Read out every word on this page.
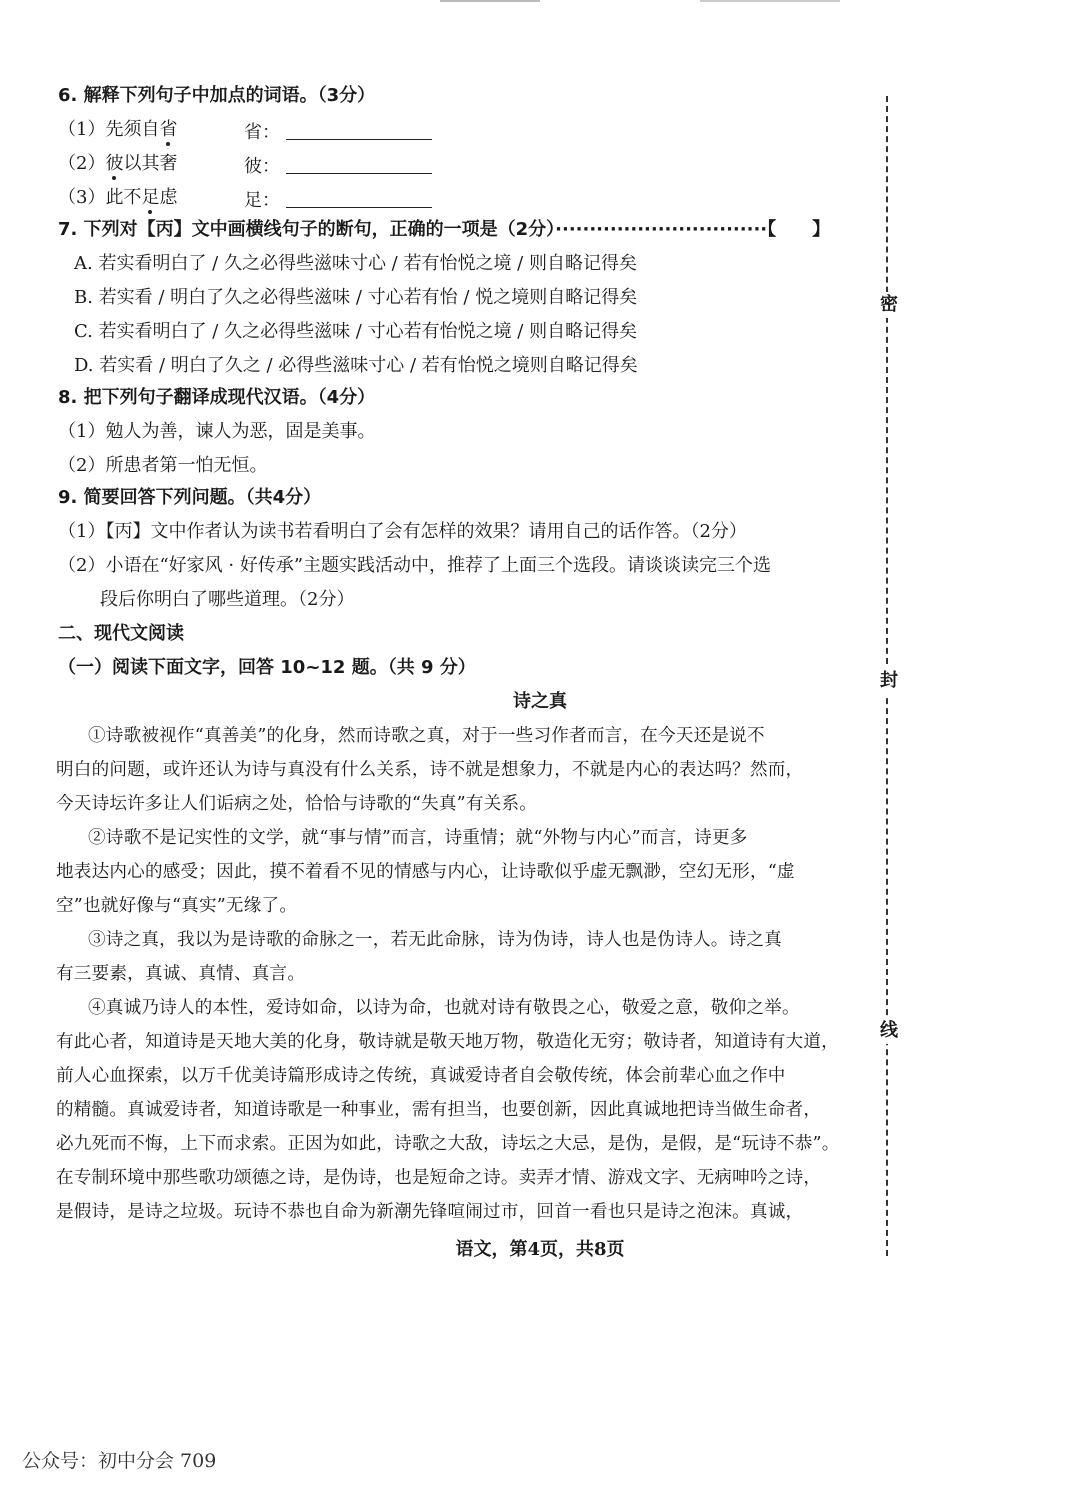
6. 解释下列句子中加点的词语。（3分）
（1）先须自省	省：
（2）彼以其奢	彼：
（3）此不足虑	足：
7. 下列对【丙】文中画横线句子的断句，正确的一项是（2分）·······························【　　】
A. 若实看明白了 / 久之必得些滋味寸心 / 若有怡悦之境 / 则自略记得矣
B. 若实看 / 明白了久之必得些滋味 / 寸心若有怡 / 悦之境则自略记得矣
C. 若实看明白了 / 久之必得些滋味 / 寸心若有怡悦之境 / 则自略记得矣
D. 若实看 / 明白了久之 / 必得些滋味寸心 / 若有怡悦之境则自略记得矣
8. 把下列句子翻译成现代汉语。（4分）
（1）勉人为善，谏人为恶，固是美事。
（2）所患者第一怕无恒。
9. 简要回答下列问题。（共4分）
（1）【丙】文中作者认为读书若看明白了会有怎样的效果？请用自己的话作答。（2分）
（2）小语在“好家风 · 好传承”主题实践活动中，推荐了上面三个选段。请谈谈读完三个选
段后你明白了哪些道理。（2分）
二、现代文阅读
（一）阅读下面文字，回答 10~12 题。（共 9 分）
诗之真
①诗歌被视作“真善美”的化身，然而诗歌之真，对于一些习作者而言，在今天还是说不
明白的问题，或许还认为诗与真没有什么关系，诗不就是想象力，不就是内心的表达吗？然而，
今天诗坛许多让人们诟病之处，恰恰与诗歌的“失真”有关系。
②诗歌不是记实性的文学，就“事与情”而言，诗重情；就“外物与内心”而言，诗更多
地表达内心的感受；因此，摸不着看不见的情感与内心，让诗歌似乎虚无飘渺，空幻无形，“虚
空”也就好像与“真实”无缘了。
③诗之真，我以为是诗歌的命脉之一，若无此命脉，诗为伪诗，诗人也是伪诗人。诗之真
有三要素，真诚、真情、真言。
④真诚乃诗人的本性，爱诗如命，以诗为命，也就对诗有敬畏之心，敬爱之意，敬仰之举。
有此心者，知道诗是天地大美的化身，敬诗就是敬天地万物，敬造化无穷；敬诗者，知道诗有大道，
前人心血探索，以万千优美诗篇形成诗之传统，真诚爱诗者自会敬传统，体会前辈心血之作中
的精髓。真诚爱诗者，知道诗歌是一种事业，需有担当，也要创新，因此真诚地把诗当做生命者，
必九死而不悔，上下而求索。正因为如此，诗歌之大敌，诗坛之大忌，是伪，是假，是“玩诗不恭”。
在专制环境中那些歌功颂德之诗，是伪诗，也是短命之诗。卖弄才情、游戏文字、无病呻吟之诗，
是假诗，是诗之垃圾。玩诗不恭也自命为新潮先锋喧闹过市，回首一看也只是诗之泡沫。真诚，
语文，第4页，共8页
密
封
线
公众号：初中分会 709
